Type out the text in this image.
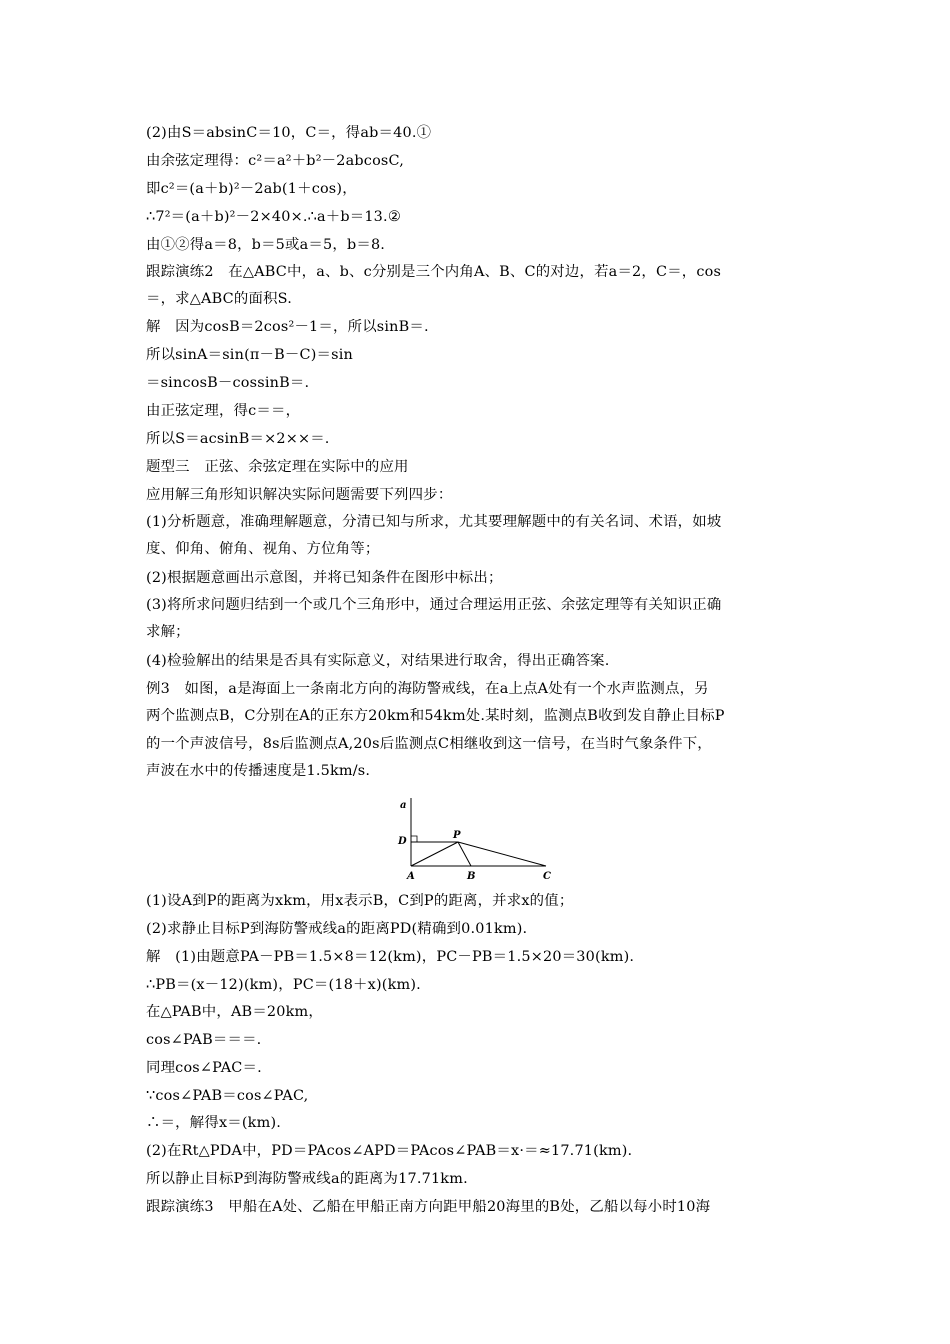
(2)由S＝absinC＝10，C＝，得ab＝40.①
由余弦定理得：c²＝a²＋b²－2abcosC,
即c²＝(a＋b)²－2ab(1＋cos)，
∴7²＝(a＋b)²－2×40×.∴a＋b＝13.②
由①②得a＝8，b＝5或a＝5，b＝8.
跟踪演练2　在△ABC中，a、b、c分别是三个内角A、B、C的对边，若a＝2，C＝，cos
＝，求△ABC的面积S.
解　因为cosB＝2cos²－1＝，所以sinB＝.
所以sinA＝sin(π－B－C)＝sin
＝sincosB－cossinB＝.
由正弦定理，得c＝＝，
所以S＝acsinB＝×2××＝.
题型三　正弦、余弦定理在实际中的应用
应用解三角形知识解决实际问题需要下列四步：
(1)分析题意，准确理解题意，分清已知与所求，尤其要理解题中的有关名词、术语，如坡
度、仰角、俯角、视角、方位角等；
(2)根据题意画出示意图，并将已知条件在图形中标出；
(3)将所求问题归结到一个或几个三角形中，通过合理运用正弦、余弦定理等有关知识正确
求解；
(4)检验解出的结果是否具有实际意义，对结果进行取舍，得出正确答案.
例3　如图，a是海面上一条南北方向的海防警戒线，在a上点A处有一个水声监测点，另
两个监测点B，C分别在A的正东方20km和54km处.某时刻，监测点B收到发自静止目标P
的一个声波信号，8s后监测点A,20s后监测点C相继收到这一信号，在当时气象条件下，
声波在水中的传播速度是1.5km/s.
(1)设A到P的距离为xkm，用x表示B，C到P的距离，并求x的值；
(2)求静止目标P到海防警戒线a的距离PD(精确到0.01km).
解　(1)由题意PA－PB＝1.5×8＝12(km)，PC－PB＝1.5×20＝30(km).
∴PB＝(x－12)(km)，PC＝(18＋x)(km).
在△PAB中，AB＝20km，
cos∠PAB＝＝＝.
同理cos∠PAC＝.
∵cos∠PAB＝cos∠PAC,
∴＝，解得x＝(km).
(2)在Rt△PDA中，PD＝PAcos∠APD＝PAcos∠PAB＝x·＝≈17.71(km).
所以静止目标P到海防警戒线a的距离为17.71km.
跟踪演练3　甲船在A处、乙船在甲船正南方向距甲船20海里的B处，乙船以每小时10海
a
D
P
A	B	C
